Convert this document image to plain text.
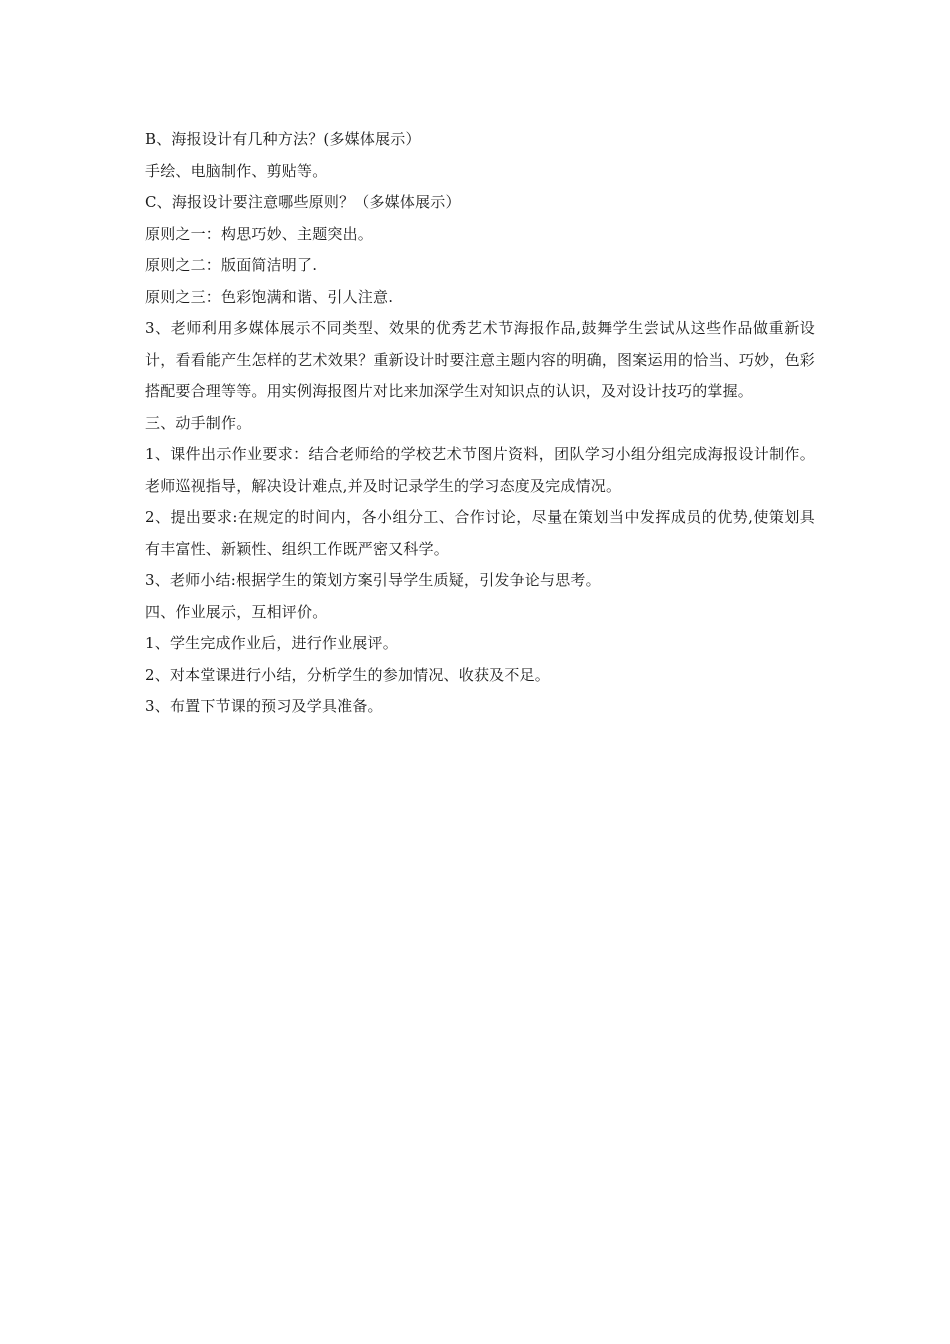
B、海报设计有几种方法？(多媒体展示）
手绘、电脑制作、剪贴等。
C、海报设计要注意哪些原则？（多媒体展示）
原则之一：构思巧妙、主题突出。
原则之二：版面简洁明了.
原则之三：色彩饱满和谐、引人注意.
3、老师利用多媒体展示不同类型、效果的优秀艺术节海报作品,鼓舞学生尝试从这些作品做重新设计，看看能产生怎样的艺术效果？重新设计时要注意主题内容的明确，图案运用的恰当、巧妙，色彩搭配要合理等等。用实例海报图片对比来加深学生对知识点的认识，及对设计技巧的掌握。
三、动手制作。
1、课件出示作业要求：结合老师给的学校艺术节图片资料，团队学习小组分组完成海报设计制作。老师巡视指导，解决设计难点,并及时记录学生的学习态度及完成情况。
2、提出要求:在规定的时间内，各小组分工、合作讨论，尽量在策划当中发挥成员的优势,使策划具有丰富性、新颖性、组织工作既严密又科学。
3、老师小结:根据学生的策划方案引导学生质疑，引发争论与思考。
四、作业展示，互相评价。
1、学生完成作业后，进行作业展评。
2、对本堂课进行小结，分析学生的参加情况、收获及不足。
3、布置下节课的预习及学具准备。
